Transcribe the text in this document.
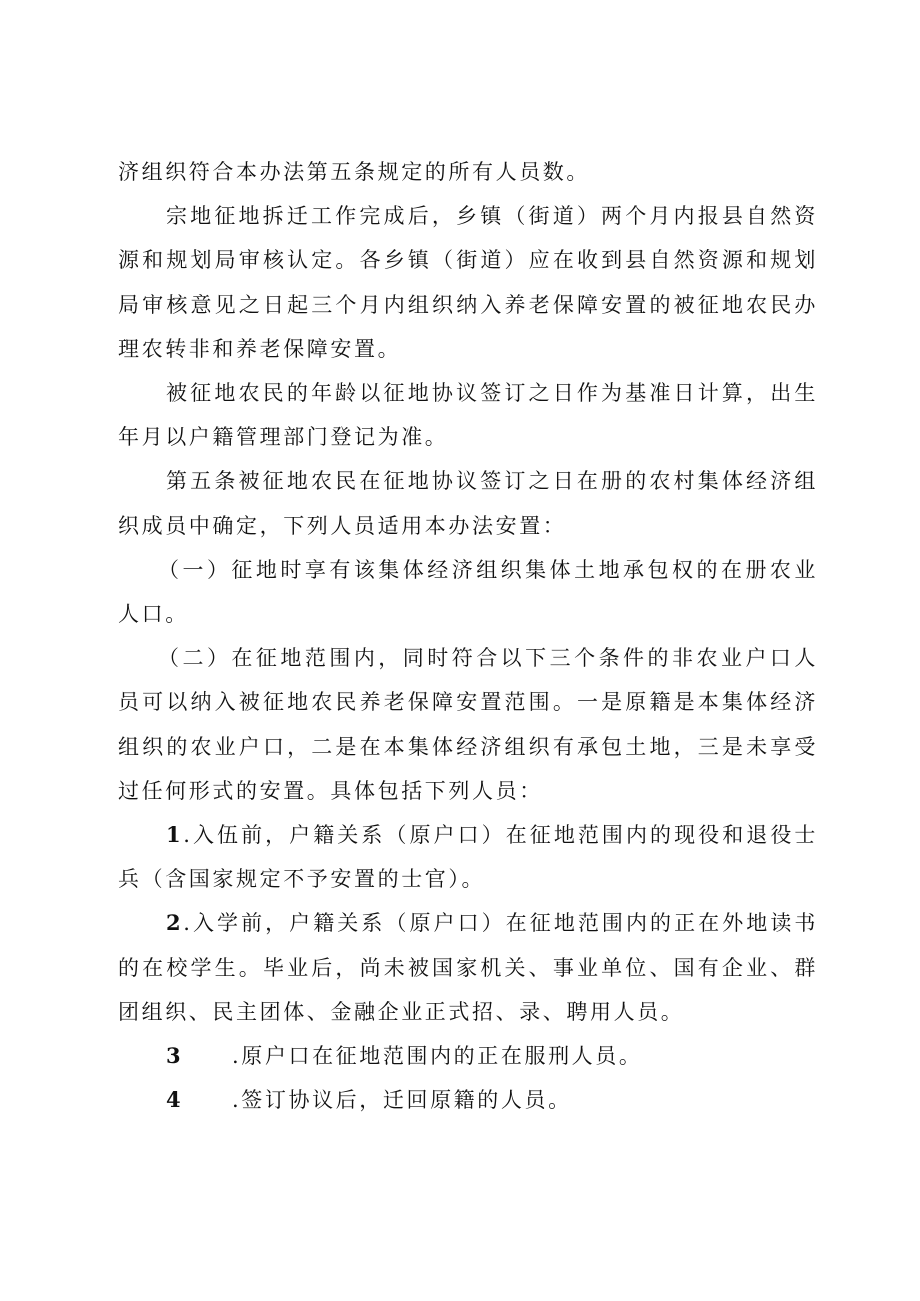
济组织符合本办法第五条规定的所有人员数。

宗地征地拆迁工作完成后，乡镇（街道）两个月内报县自然资源和规划局审核认定。各乡镇（街道）应在收到县自然资源和规划局审核意见之日起三个月内组织纳入养老保障安置的被征地农民办理农转非和养老保障安置。

被征地农民的年龄以征地协议签订之日作为基准日计算，出生年月以户籍管理部门登记为准。

第五条被征地农民在征地协议签订之日在册的农村集体经济组织成员中确定，下列人员适用本办法安置：

（一）征地时享有该集体经济组织集体土地承包权的在册农业人口。

（二）在征地范围内，同时符合以下三个条件的非农业户口人员可以纳入被征地农民养老保障安置范围。一是原籍是本集体经济组织的农业户口，二是在本集体经济组织有承包土地，三是未享受过任何形式的安置。具体包括下列人员：

1.入伍前，户籍关系（原户口）在征地范围内的现役和退役士兵（含国家规定不予安置的士官）。

2.入学前，户籍关系（原户口）在征地范围内的正在外地读书的在校学生。毕业后，尚未被国家机关、事业单位、国有企业、群团组织、民主团体、金融企业正式招、录、聘用人员。

3 .原户口在征地范围内的正在服刑人员。

4 .签订协议后，迁回原籍的人员。
